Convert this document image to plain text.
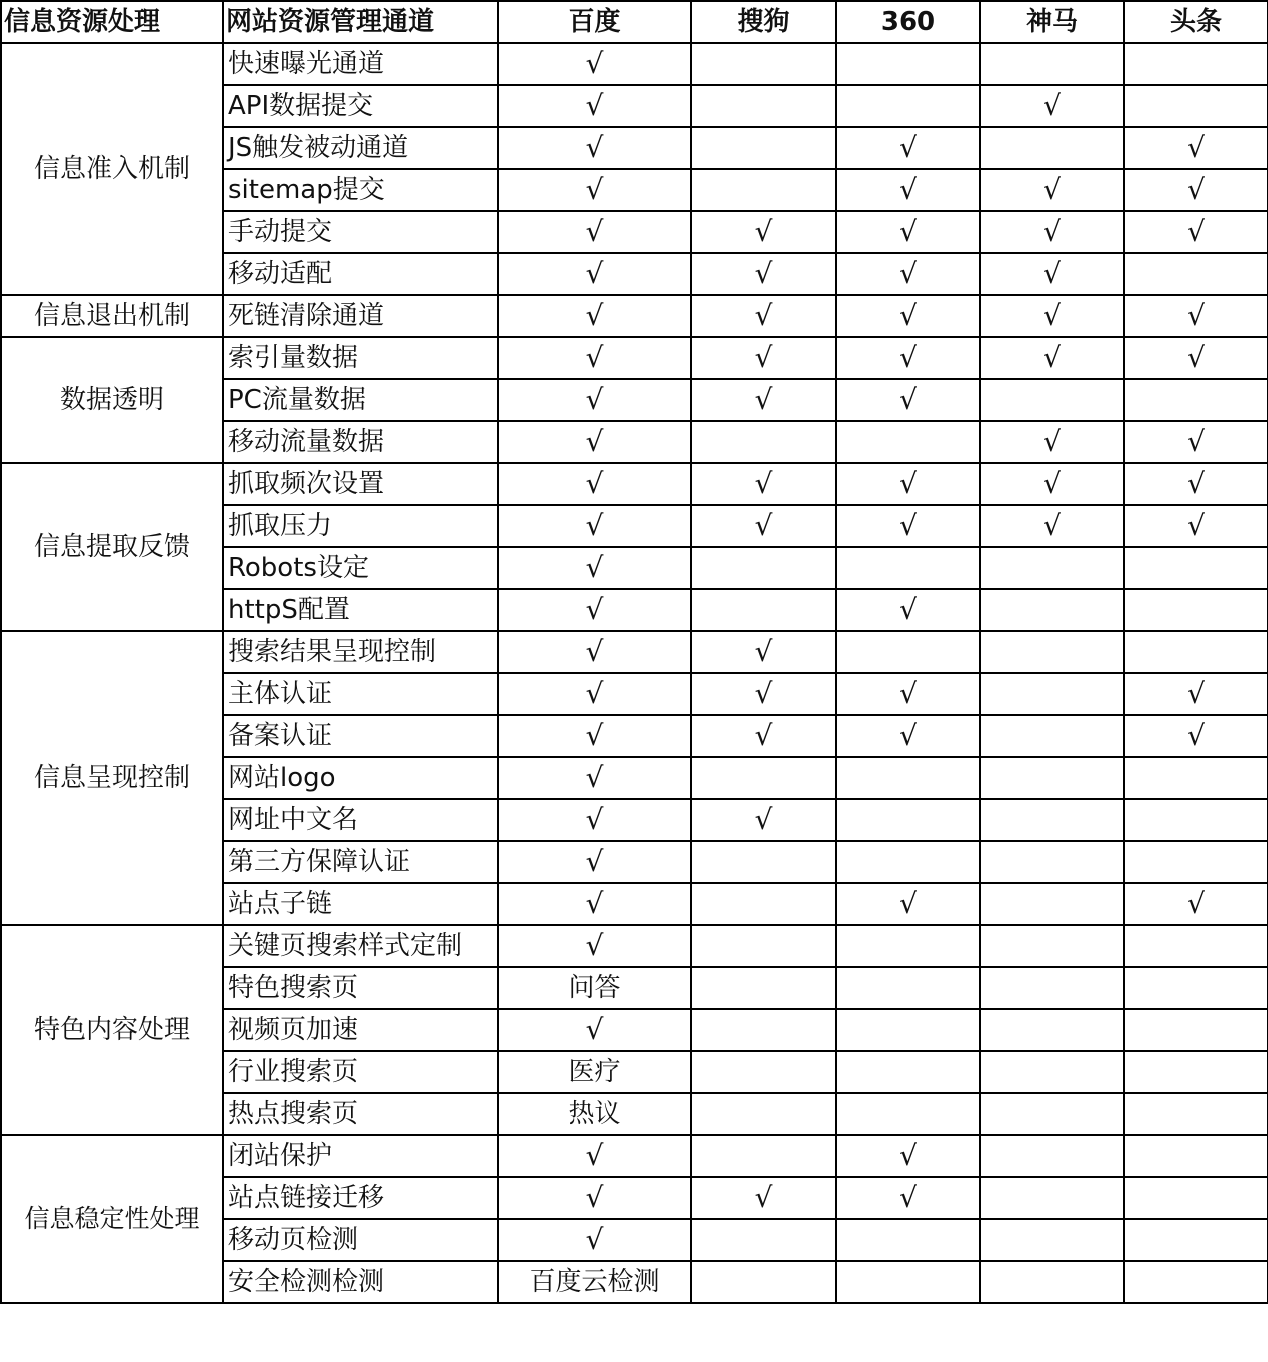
信息资源处理	网站资源管理通道	百度	搜狗	360	神马	头条
信息准入机制	快速曝光通道	√				
	API数据提交	√			√	
	JS触发被动通道	√		√		√
	sitemap提交	√		√	√	√
	手动提交	√	√	√	√	√
	移动适配	√	√	√	√	
信息退出机制	死链清除通道	√	√	√	√	√
数据透明	索引量数据	√	√	√	√	√
	PC流量数据	√	√	√		
	移动流量数据	√			√	√
信息提取反馈	抓取频次设置	√	√	√	√	√
	抓取压力	√	√	√	√	√
	Robots设定	√				
	httpS配置	√		√		
信息呈现控制	搜索结果呈现控制	√	√			
	主体认证	√	√	√		√
	备案认证	√	√	√		√
	网站logo	√				
	网址中文名	√	√			
	第三方保障认证	√				
	站点子链	√		√		√
特色内容处理	关键页搜索样式定制	√				
	特色搜索页	问答				
	视频页加速	√				
	行业搜索页	医疗				
	热点搜索页	热议				
信息稳定性处理	闭站保护	√		√		
	站点链接迁移	√	√	√		
	移动页检测	√				
	安全检测检测	百度云检测				
